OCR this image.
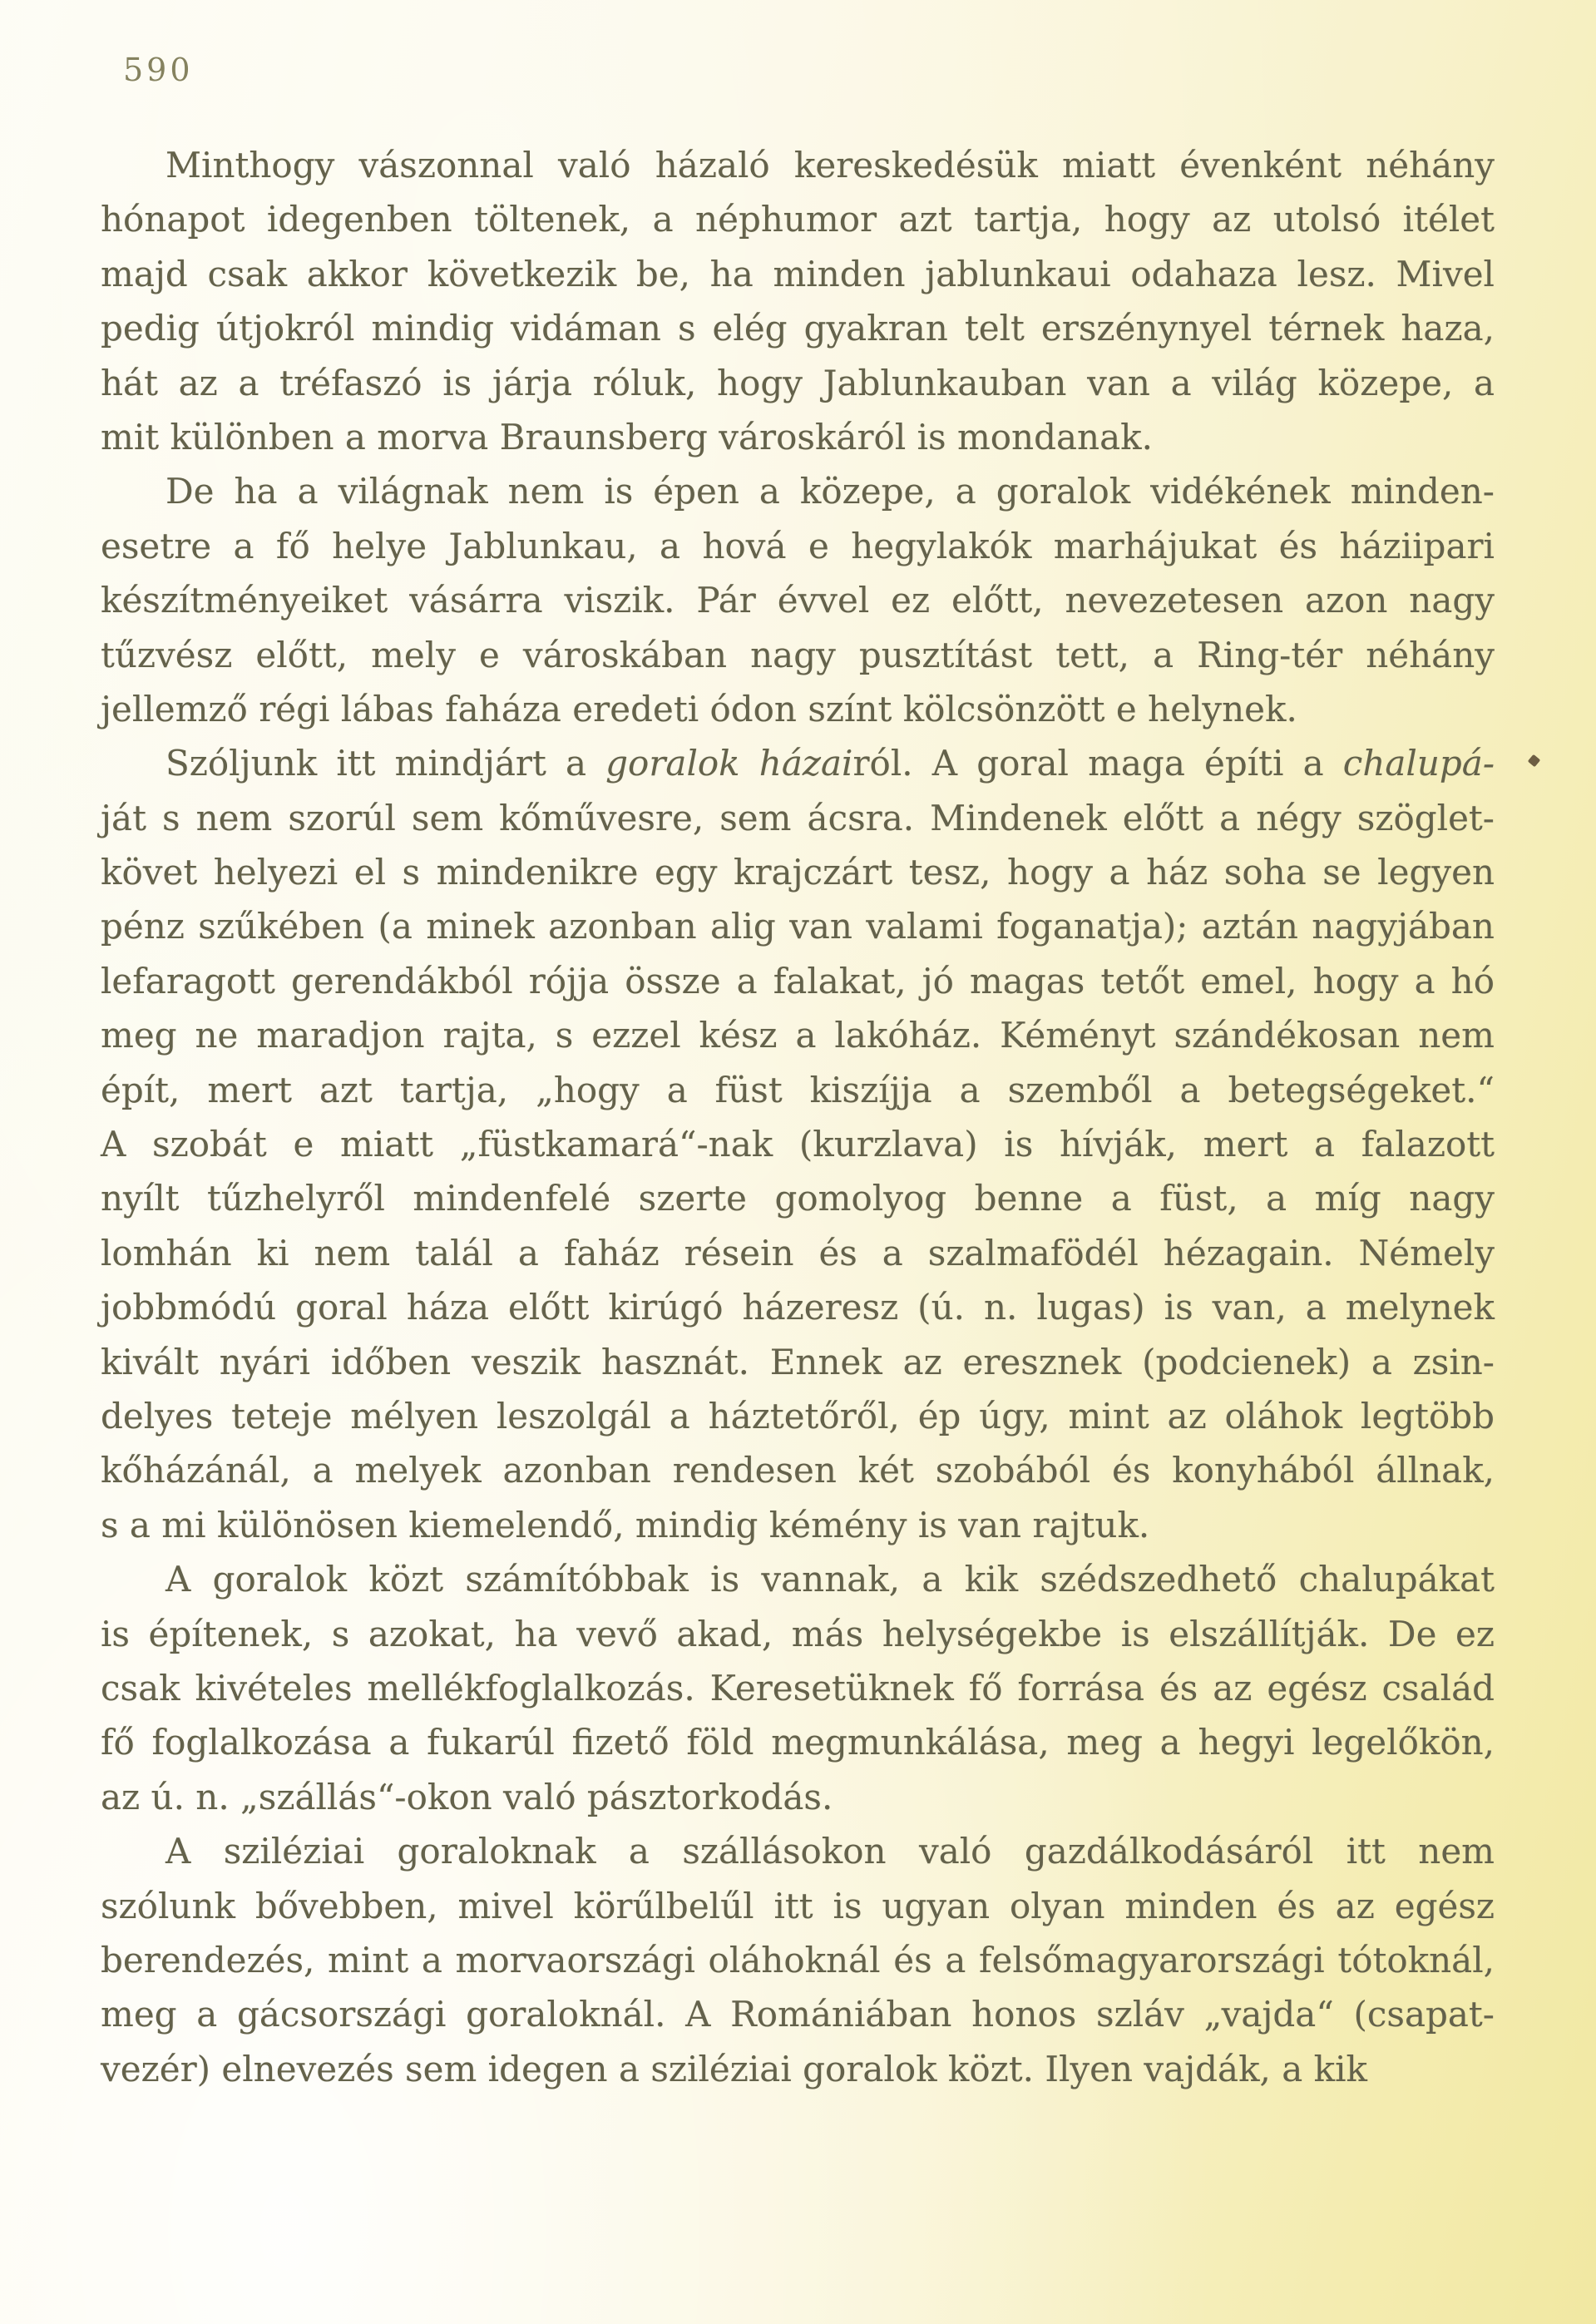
590
Minthogy vászonnal való házaló kereskedésük miatt évenként néhány
hónapot idegenben töltenek, a néphumor azt tartja, hogy az utolsó itélet
majd csak akkor következik be, ha minden jablunkaui odahaza lesz. Mivel
pedig útjokról mindig vidáman s elég gyakran telt erszénynyel térnek haza,
hát az a tréfaszó is járja róluk, hogy Jablunkauban van a világ közepe, a
mit különben a morva Braunsberg városkáról is mondanak.
De ha a világnak nem is épen a közepe, a goralok vidékének minden-
esetre a fő helye Jablunkau, a hová e hegylakók marhájukat és háziipari
készítményeiket vásárra viszik. Pár évvel ez előtt, nevezetesen azon nagy
tűzvész előtt, mely e városkában nagy pusztítást tett, a Ring-tér néhány
jellemző régi lábas faháza eredeti ódon színt kölcsönzött e helynek.
Szóljunk itt mindjárt a goralok házairól. A goral maga építi a chalupá-
ját s nem szorúl sem kőművesre, sem ácsra. Mindenek előtt a négy szöglet-
követ helyezi el s mindenikre egy krajczárt tesz, hogy a ház soha se legyen
pénz szűkében (a minek azonban alig van valami foganatja); aztán nagyjában
lefaragott gerendákból rójja össze a falakat, jó magas tetőt emel, hogy a hó
meg ne maradjon rajta, s ezzel kész a lakóház. Kéményt szándékosan nem
épít, mert azt tartja, „hogy a füst kiszíjja a szemből a betegségeket.“
A szobát e miatt „füstkamará“-nak (kurzlava) is hívják, mert a falazott
nyílt tűzhelyről mindenfelé szerte gomolyog benne a füst, a míg nagy
lomhán ki nem talál a faház résein és a szalmafödél hézagain. Némely
jobbmódú goral háza előtt kirúgó házeresz (ú. n. lugas) is van, a melynek
kivált nyári időben veszik hasznát. Ennek az eresznek (podcienek) a zsin-
delyes teteje mélyen leszolgál a háztetőről, ép úgy, mint az oláhok legtöbb
kőházánál, a melyek azonban rendesen két szobából és konyhából állnak,
s a mi különösen kiemelendő, mindig kémény is van rajtuk.
A goralok közt számítóbbak is vannak, a kik szédszedhető chalupákat
is építenek, s azokat, ha vevő akad, más helységekbe is elszállítják. De ez
csak kivételes mellékfoglalkozás. Keresetüknek fő forrása és az egész család
fő foglalkozása a fukarúl fizető föld megmunkálása, meg a hegyi legelőkön,
az ú. n. „szállás“-okon való pásztorkodás.
A sziléziai goraloknak a szállásokon való gazdálkodásáról itt nem
szólunk bővebben, mivel körűlbelűl itt is ugyan olyan minden és az egész
berendezés, mint a morvaországi oláhoknál és a felsőmagyarországi tótoknál,
meg a gácsországi goraloknál. A Romániában honos szláv „vajda“ (csapat-
vezér) elnevezés sem idegen a sziléziai goralok közt. Ilyen vajdák, a kik
